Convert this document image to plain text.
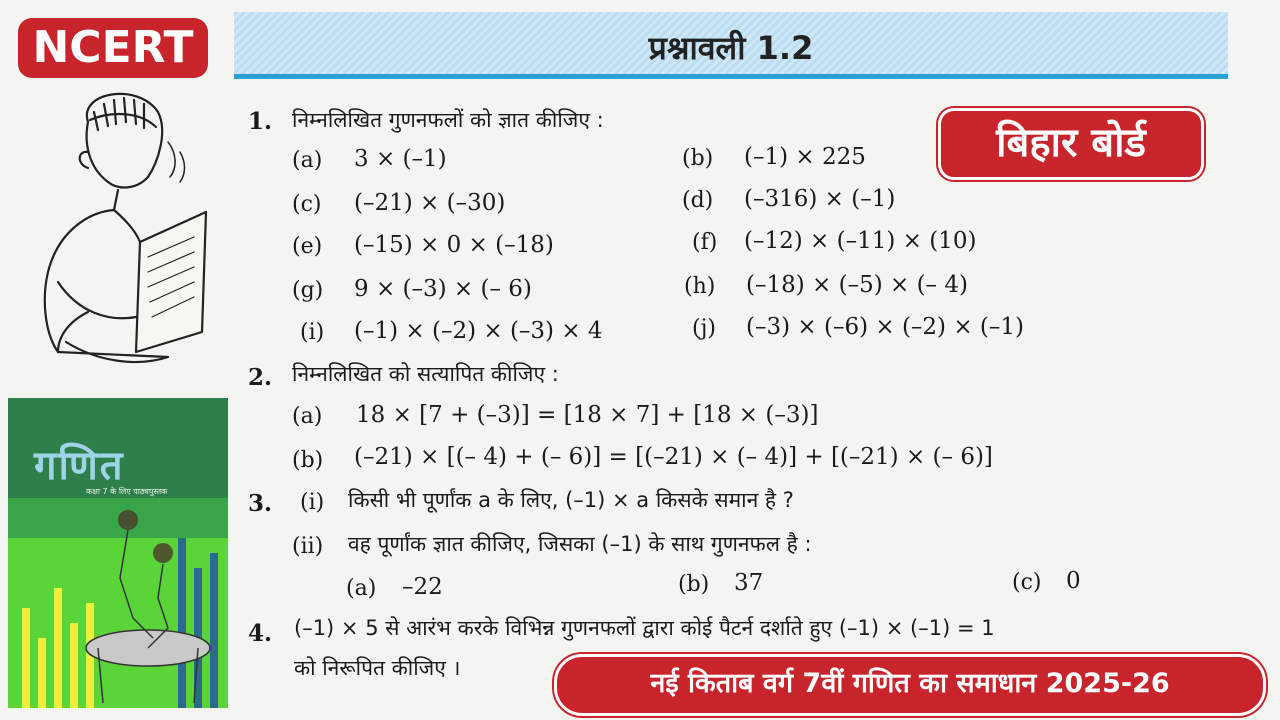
NCERT	प्रश्नावली 1.2
गणित
कक्षा 7 के लिए पाठ्यपुस्तक
बिहार बोर्ड
1. निम्नलिखित गुणनफलों को ज्ञात कीजिए :
(a) 3 × (–1)	(b) (–1) × 225
(c) (–21) × (–30)	(d) (–316) × (–1)
(e) (–15) × 0 × (–18)	(f) (–12) × (–11) × (10)
(g) 9 × (–3) × (– 6)	(h) (–18) × (–5) × (– 4)
(i) (–1) × (–2) × (–3) × 4	(j) (–3) × (–6) × (–2) × (–1)
2. निम्नलिखित को सत्यापित कीजिए :
(a) 18 × [7 + (–3)] = [18 × 7] + [18 × (–3)]
(b) (–21) × [(– 4) + (– 6)] = [(–21) × (– 4)] + [(–21) × (– 6)]
3. (i) किसी भी पूर्णांक a के लिए, (–1) × a किसके समान है ?
(ii) वह पूर्णांक ज्ञात कीजिए, जिसका (–1) के साथ गुणनफल है :
(a) –22	(b) 37	(c) 0
4. (–1) × 5 से आरंभ करके विभिन्न गुणनफलों द्वारा कोई पैटर्न दर्शाते हुए (–1) × (–1) = 1
को निरूपित कीजिए ।	नई किताब वर्ग 7वीं गणित का समाधान 2025-26
